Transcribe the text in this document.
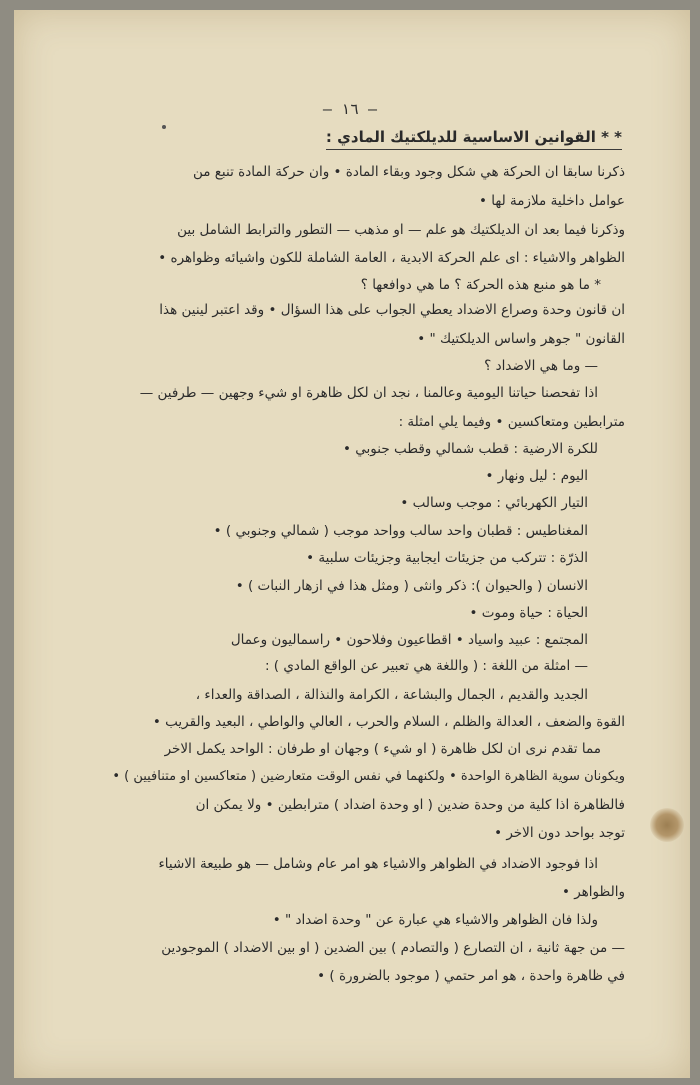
— ١٦ —
* * القوانين الاساسية للديلكتيك المادي :
ذكرنا سابقا ان الحركة هي شكل وجود وبقاء المادة • وان حركة المادة تنبع من
عوامل داخلية ملازمة لها •
وذكرنا فيما بعد ان الديلكتيك هو علم — او مذهب — التطور والترابط الشامل بين
الظواهر والاشياء : اى علم الحركة الابدية ، العامة الشاملة للكون واشيائه وظواهره •
* ما هو منبع هذه الحركة ؟ ما هي دوافعها ؟
ان قانون وحدة وصراع الاضداد يعطي الجواب على هذا السؤال • وقد اعتبر لينين هذا
القانون " جوهر واساس الديلكتيك " •
— وما هي الاضداد ؟
اذا تفحصنا حياتنا اليومية وعالمنا ، نجد ان لكل ظاهرة او شيء وجهين — طرفين —
مترابطين ومتعاكسين • وفيما يلي امثلة :
للكرة الارضية : قطب شمالي وقطب جنوبي •
اليوم : ليل ونهار •
التيار الكهربائي : موجب وسالب •
المغناطيس : قطبان واحد سالب وواحد موجب ( شمالي وجنوبي ) •
الذرّة : تتركب من جزيئات ايجابية وجزيئات سلبية •
الانسان ( والحيوان ): ذكر وانثى ( ومثل هذا في ازهار النبات ) •
الحياة : حياة وموت •
المجتمع : عبيد واسياد • اقطاعيون وفلاحون • راسماليون وعمال
— امثلة من اللغة : ( واللغة هي تعبير عن الواقع المادي ) :
الجديد والقديم ، الجمال والبشاعة ، الكرامة والنذالة ، الصداقة والعداء ،
القوة والضعف ، العدالة والظلم ، السلام والحرب ، العالي والواطي ، البعيد والقريب •
مما تقدم نرى ان لكل ظاهرة ( او شيء ) وجهان او طرفان : الواحد يكمل الاخر
ويكونان سوية الظاهرة الواحدة • ولكنهما في نفس الوقت متعارضين ( متعاكسين او متنافيين ) •
فالظاهرة اذا كلية من وحدة ضدين ( او وحدة اضداد ) مترابطين • ولا يمكن ان
توجد بواحد دون الاخر •
اذا فوجود الاضداد في الظواهر والاشياء هو امر عام وشامل — هو طبيعة الاشياء
والظواهر •
ولذا فان الظواهر والاشياء هي عبارة عن " وحدة اضداد " •
— من جهة ثانية ، ان التصارع ( والتصادم ) بين الضدين ( او بين الاضداد ) الموجودين
في ظاهرة واحدة ، هو امر حتمي ( موجود بالضرورة ) •
